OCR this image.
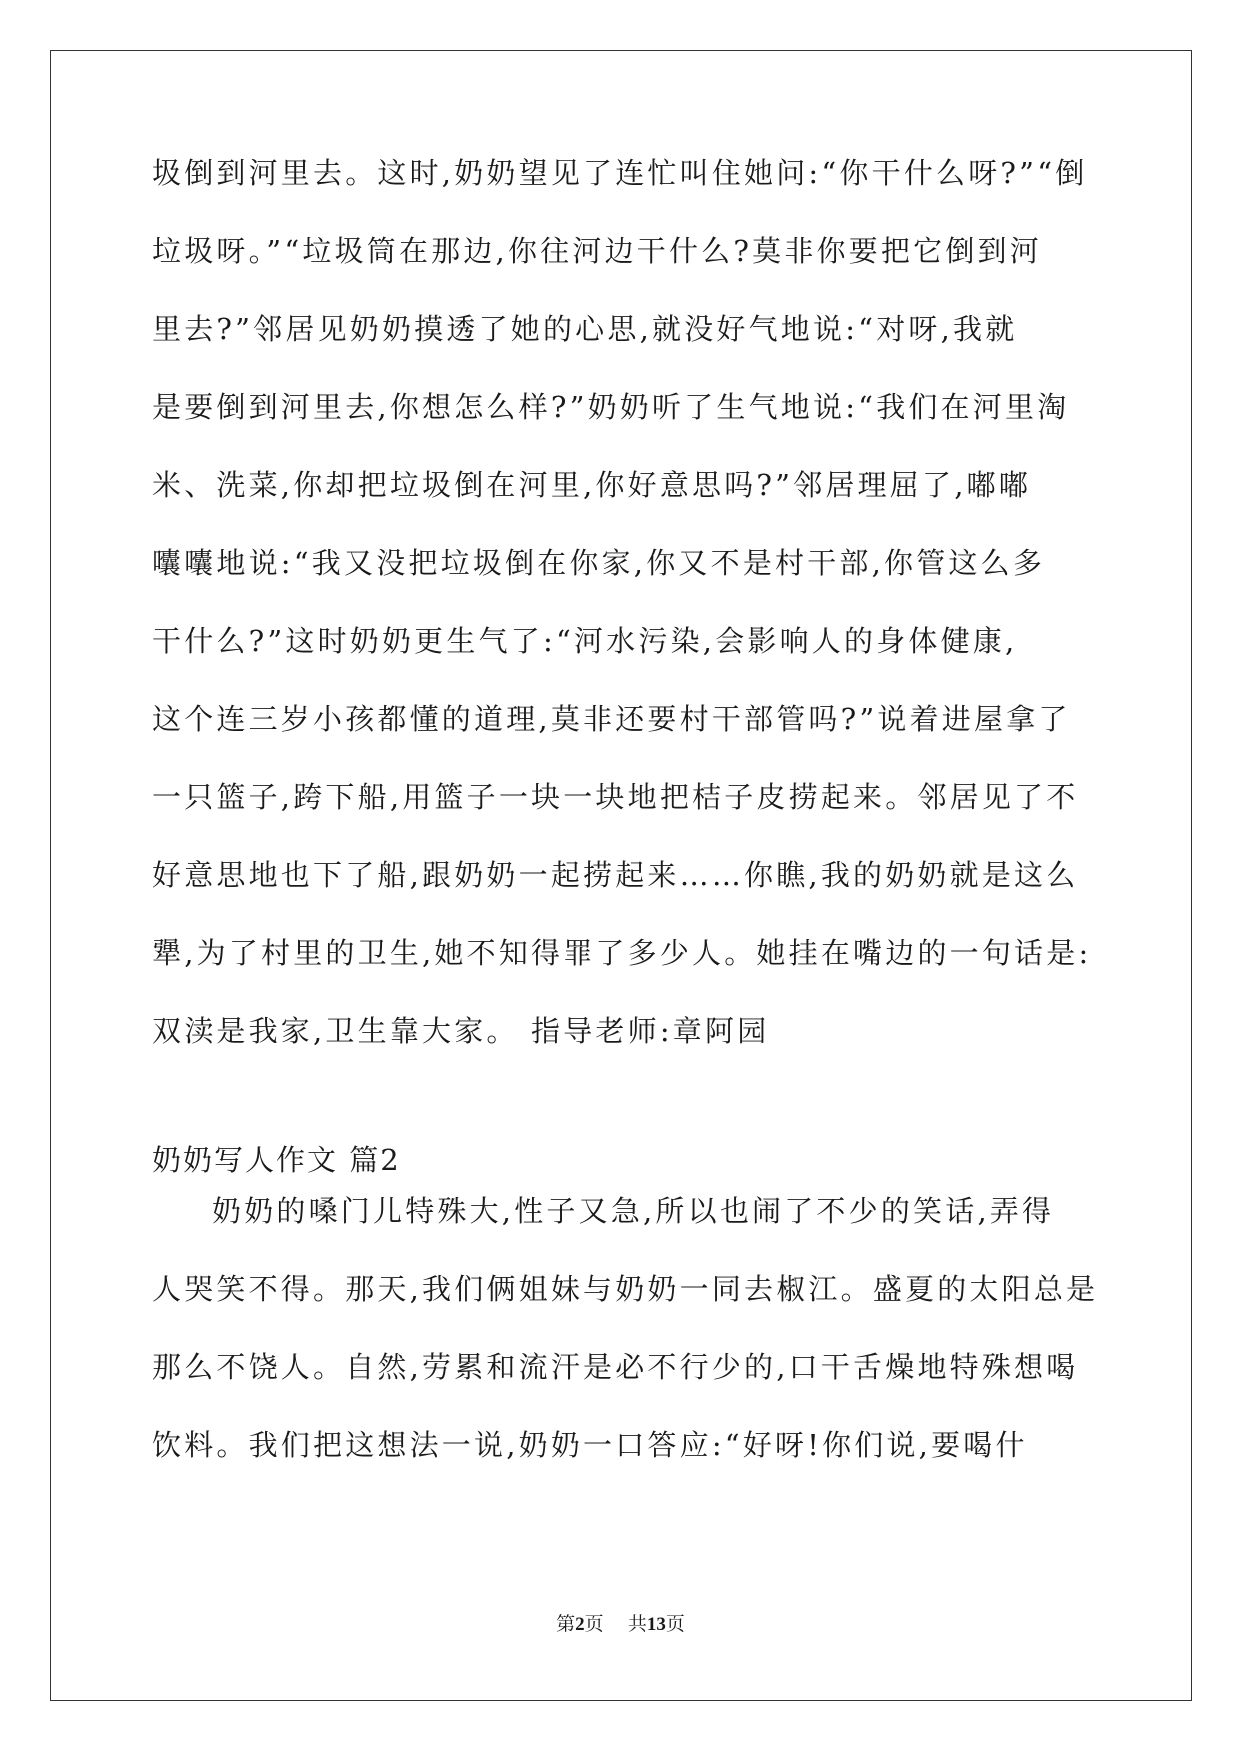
圾倒到河里去。这时,奶奶望见了连忙叫住她问:“你干什么呀?”“倒
垃圾呀。”“垃圾筒在那边,你往河边干什么?莫非你要把它倒到河
里去?”邻居见奶奶摸透了她的心思,就没好气地说:“对呀,我就
是要倒到河里去,你想怎么样?”奶奶听了生气地说:“我们在河里淘
米、洗菜,你却把垃圾倒在河里,你好意思吗?”邻居理屈了,嘟嘟
囔囔地说:“我又没把垃圾倒在你家,你又不是村干部,你管这么多
干什么?”这时奶奶更生气了:“河水污染,会影响人的身体健康,
这个连三岁小孩都懂的道理,莫非还要村干部管吗?”说着进屋拿了
一只篮子,跨下船,用篮子一块一块地把桔子皮捞起来。邻居见了不
好意思地也下了船,跟奶奶一起捞起来……你瞧,我的奶奶就是这么
犟,为了村里的卫生,她不知得罪了多少人。她挂在嘴边的一句话是:
双渎是我家,卫生靠大家。 指导老师:章阿园
奶奶写人作文 篇2
奶奶的嗓门儿特殊大,性子又急,所以也闹了不少的笑话,弄得
人哭笑不得。那天,我们俩姐妹与奶奶一同去椒江。盛夏的太阳总是
那么不饶人。自然,劳累和流汗是必不行少的,口干舌燥地特殊想喝
饮料。我们把这想法一说,奶奶一口答应:“好呀!你们说,要喝什
第2页 共13页
